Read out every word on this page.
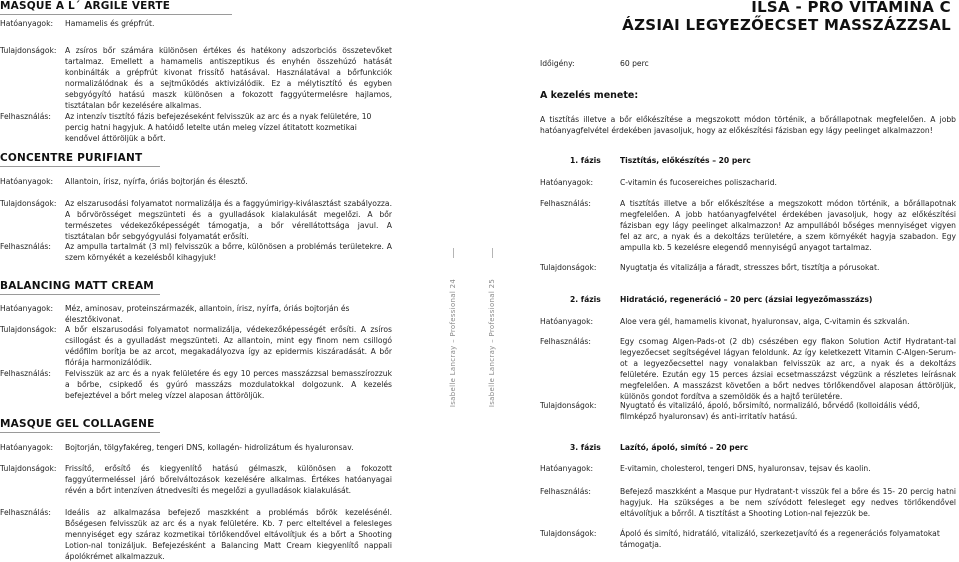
MASQUE A L´ ARGILE VERTE
Hatóanyagok: Hamamelis és grépfrút.
Tulajdonságok: A zsíros bőr számára különösen értékes és hatékony adszorbciós összetevőket tartalmaz. Emellett a hamamelis antiszeptikus és enyhén összehúzó hatását konbinálták a grépfrút kivonat frissítő hatásával. Használatával a bőrfunkciók normalizálódnak és a sejtműködés aktivizálódik. Ez a mélytisztító és egyben sebgyógyító hatású maszk különösen a fokozott faggyútermelésre hajlamos, tisztátalan bőr kezelésére alkalmas.
Felhasználás: Az intenzív tisztító fázis befejezéseként felvisszük az arc és a nyak felületére, 10 percig hatni hagyjuk. A hatóidő letelte után meleg vízzel átitatott kozmetikai kendővel áttöröljük a bőrt.
CONCENTRE PURIFIANT
Hatóanyagok: Allantoin, írisz, nyírfa, óriás bojtorján és élesztő.
Tulajdonságok: Az elszarusodási folyamatot normalizálja és a faggyúmirigy-kiválasztást szabályozza. A bőrvörösséget megszünteti és a gyulladások kialakulását megelőzi. A bőr természetes védekezőképességét támogatja, a bőr vérellátottsága javul. A tisztátalan bőr sebgyógyulási folyamatát erősíti.
Felhasználás: Az ampulla tartalmát (3 ml) felvisszük a bőrre, különösen a problémás területekre. A szem környékét a kezelésből kihagyjuk!
BALANCING MATT CREAM
Hatóanyagok: Méz, aminosav, proteinszármazék, allantoin, írisz, nyírfa, óriás bojtorján és élesztőkivonat.
Tulajdonságok: A bőr elszarusodási folyamatot normalizálja, védekezőképességét erősíti. A zsíros csillogást és a gyulladást megszünteti. Az allantoin, mint egy finom nem csillogó védőfilm borítja be az arcot, megakadályozva így az epidermis kiszáradását. A bőr flórája harmonizálódik.
Felhasználás: Felvisszük az arc és a nyak felületére és egy 10 perces masszázzsal bemasszírozzuk a bőrbe, csipkedő és gyúró masszázs mozdulatokkal dolgozunk. A kezelés befejeztével a bőrt meleg vízzel alaposan áttöröljük.
MASQUE GEL COLLAGENE
Hatóanyagok: Bojtorján, tölgyfakéreg, tengeri DNS, kollagén- hidrolizátum és hyaluronsav.
Tulajdonságok: Frissítő, erősítő és kiegyenlítő hatású gélmaszk, különösen a fokozott faggyútermeléssel járó bőrelváltozások kezelésére alkalmas. Értékes hatóanyagai révén a bőrt intenzíven átnedvesíti és megelőzi a gyulladások kialakulását.
Felhasználás: Ideális az alkalmazása befejező maszkként a problémás bőrök kezelésénél. Bőségesen felvisszük az arc és a nyak felületére. Kb. 7 perc elteltével a felesleges mennyiséget egy száraz kozmetikai törlőkendővel eltávolítjuk és a bőrt a Shooting Lotion-nal tonizáljuk. Befejezésként a Balancing Matt Cream kiegyenlítő nappali ápolókrémet alkalmazzuk.
Isabelle Lancray – Professional 24	Isabelle Lancray – Professional 25
ILSA - PRO VITAMINA C
ÁZSIAI LEGYEZŐECSET MASSZÁZZSAL
Időigény:	60 perc
A kezelés menete:
A tisztítás illetve a bőr előkészítése a megszokott módon történik, a bőrállapotnak megfelelően. A jobb hatóanyagfelvétel érdekében javasoljuk, hogy az előkészítési fázisban egy lágy peelinget alkalmazzon!
1. fázis	Tisztítás, előkészítés – 20 perc
Hatóanyagok:	C-vitamin és fucosereiches poliszacharid.
Felhasználás:	A tisztítás illetve a bőr előkészítése a megszokott módon történik, a bőrállapotnak megfelelően. A jobb hatóanyagfelvétel érdekében javasoljuk, hogy az előkészítési fázisban egy lágy peelinget alkalmazzon! Az ampullából bőséges mennyiséget vigyen fel az arc, a nyak és a dekoltázs területére, a szem környékét hagyja szabadon. Egy ampulla kb. 5 kezelésre elegendő mennyiségű anyagot tartalmaz.
Tulajdonságok:	Nyugtatja és vitalizálja a fáradt, stresszes bőrt, tisztítja a pórusokat.
2. fázis	Hidratáció, regeneráció – 20 perc (ázsiai legyezőmasszázs)
Hatóanyagok:	Aloe vera gél, hamamelis kivonat, hyaluronsav, alga, C-vitamin és szkvalán.
Felhasználás:	Egy csomag Algen-Pads-ot (2 db) csészében egy flakon Solution Actif Hydratant-tal legyezőecset segítségével lágyan feloldunk. Az így keletkezett Vitamin C-Algen-Serum-ot a legyezőecsettel nagy vonalakban felvisszük az arc, a nyak és a dekoltázs felületére. Ezután egy 15 perces ázsiai ecsetmasszázst végzünk a részletes leírásnak megfelelően. A masszázst követően a bőrt nedves törlőkendővel alaposan áttöröljük, különös gondot fordítva a szemöldök és a hajtő területére.
Tulajdonságok:	Nyugtató és vitalizáló, ápoló, bőrsimító, normalizáló, bőrvédő (kolloidális védő, filmképző hyaluronsav) és anti-irritatív hatású.
3. fázis	Lazító, ápoló, simító – 20 perc
Hatóanyagok:	E-vitamin, cholesterol, tengeri DNS, hyaluronsav, tejsav és kaolin.
Felhasználás:	Befejező maszkként a Masque pur Hydratant-t visszük fel a bőre és 15- 20 percig hatni hagyjuk. Ha szükséges a be nem szívódott felesleget egy nedves törlőkendővel eltávolítjuk a bőrről. A tisztítást a Shooting Lotion-nal fejezzük be.
Tulajdonságok:	Ápoló és simító, hidratáló, vitalizáló, szerkezetjavító és a regenerációs folyamatokat támogatja.
